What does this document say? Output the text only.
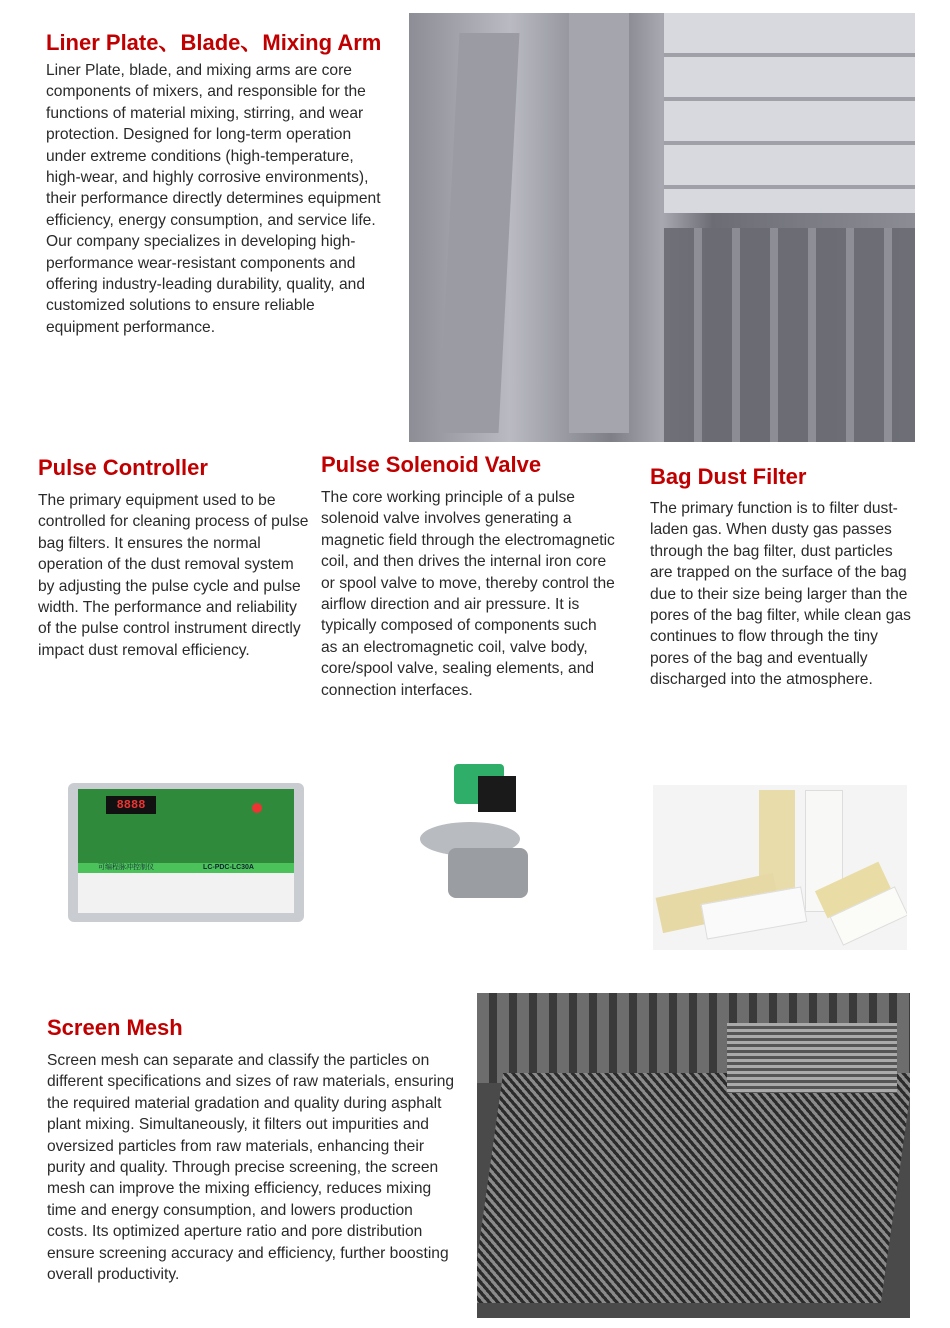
Liner Plate、Blade、Mixing Arm

Liner Plate, blade, and mixing arms are core components of mixers, and responsible for the functions of material mixing, stirring, and wear protection. Designed for long-term operation under extreme conditions (high-temperature, high-wear, and highly corrosive environments), their performance directly determines equipment efficiency, energy consumption, and service life. Our company specializes in developing high-performance wear-resistant components and offering industry-leading durability, quality, and customized solutions to ensure reliable equipment performance.

Pulse Controller

The primary equipment used to be controlled for cleaning process of pulse bag filters. It ensures the normal operation of the dust removal system by adjusting the pulse cycle and pulse width. The performance and reliability of the pulse control instrument directly impact dust removal efficiency.

Pulse Solenoid Valve

The core working principle of a pulse solenoid valve involves generating a magnetic field through the electromagnetic coil, and then drives the internal iron core or spool valve to move, thereby control the airflow direction and air pressure. It is typically composed of components such as an electromagnetic coil, valve body, core/spool valve, sealing elements, and connection interfaces.

Bag Dust Filter

The primary function is to filter dust-laden gas. When dusty gas passes through the bag filter, dust particles are trapped on the surface of the bag due to their size being larger than the pores of the bag filter, while clean gas continues to flow through the tiny pores of the bag and eventually discharged into the atmosphere.

8888
可编程脉冲控制仪	LC-PDC-LC30A
Screen Mesh

Screen mesh can separate and classify the particles on different specifications and sizes of raw materials, ensuring the required material gradation and quality during asphalt plant mixing. Simultaneously, it filters out impurities and oversized particles from raw materials, enhancing their purity and quality. Through precise screening, the screen mesh can improve the mixing efficiency, reduces mixing time and energy consumption, and lowers production costs. Its optimized aperture ratio and pore distribution ensure screening accuracy and efficiency, further boosting overall productivity.
